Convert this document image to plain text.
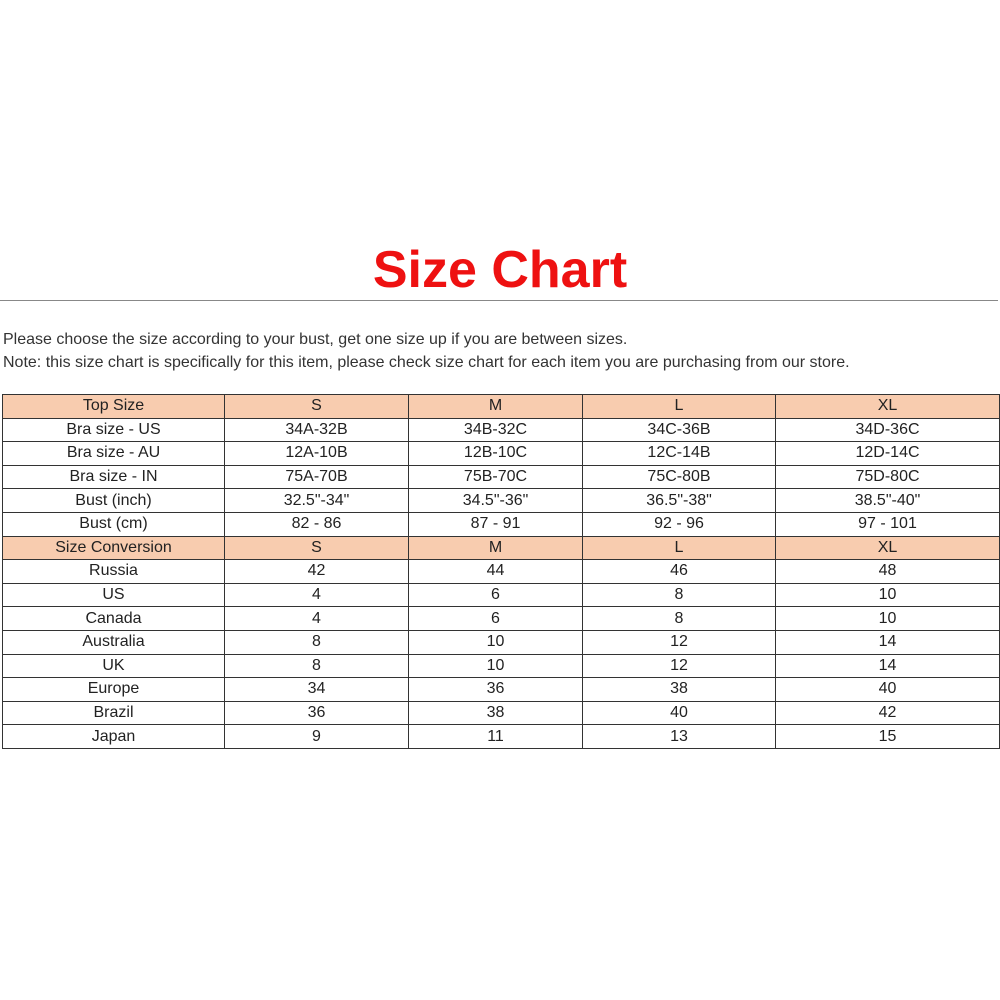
Size Chart

Please choose the size according to your bust, get one size up if you are between sizes.

Note: this size chart is specifically for this item, please check size chart for each item you are purchasing from our store.

Top Size	S	M	L	XL
Bra size - US	34A-32B	34B-32C	34C-36B	34D-36C
Bra size - AU	12A-10B	12B-10C	12C-14B	12D-14C
Bra size - IN	75A-70B	75B-70C	75C-80B	75D-80C
Bust (inch)	32.5"-34"	34.5"-36"	36.5"-38"	38.5"-40"
Bust (cm)	82 - 86	87 - 91	92 - 96	97 - 101
Size Conversion	S	M	L	XL
Russia	42	44	46	48
US	4	6	8	10
Canada	4	6	8	10
Australia	8	10	12	14
UK	8	10	12	14
Europe	34	36	38	40
Brazil	36	38	40	42
Japan	9	11	13	15
